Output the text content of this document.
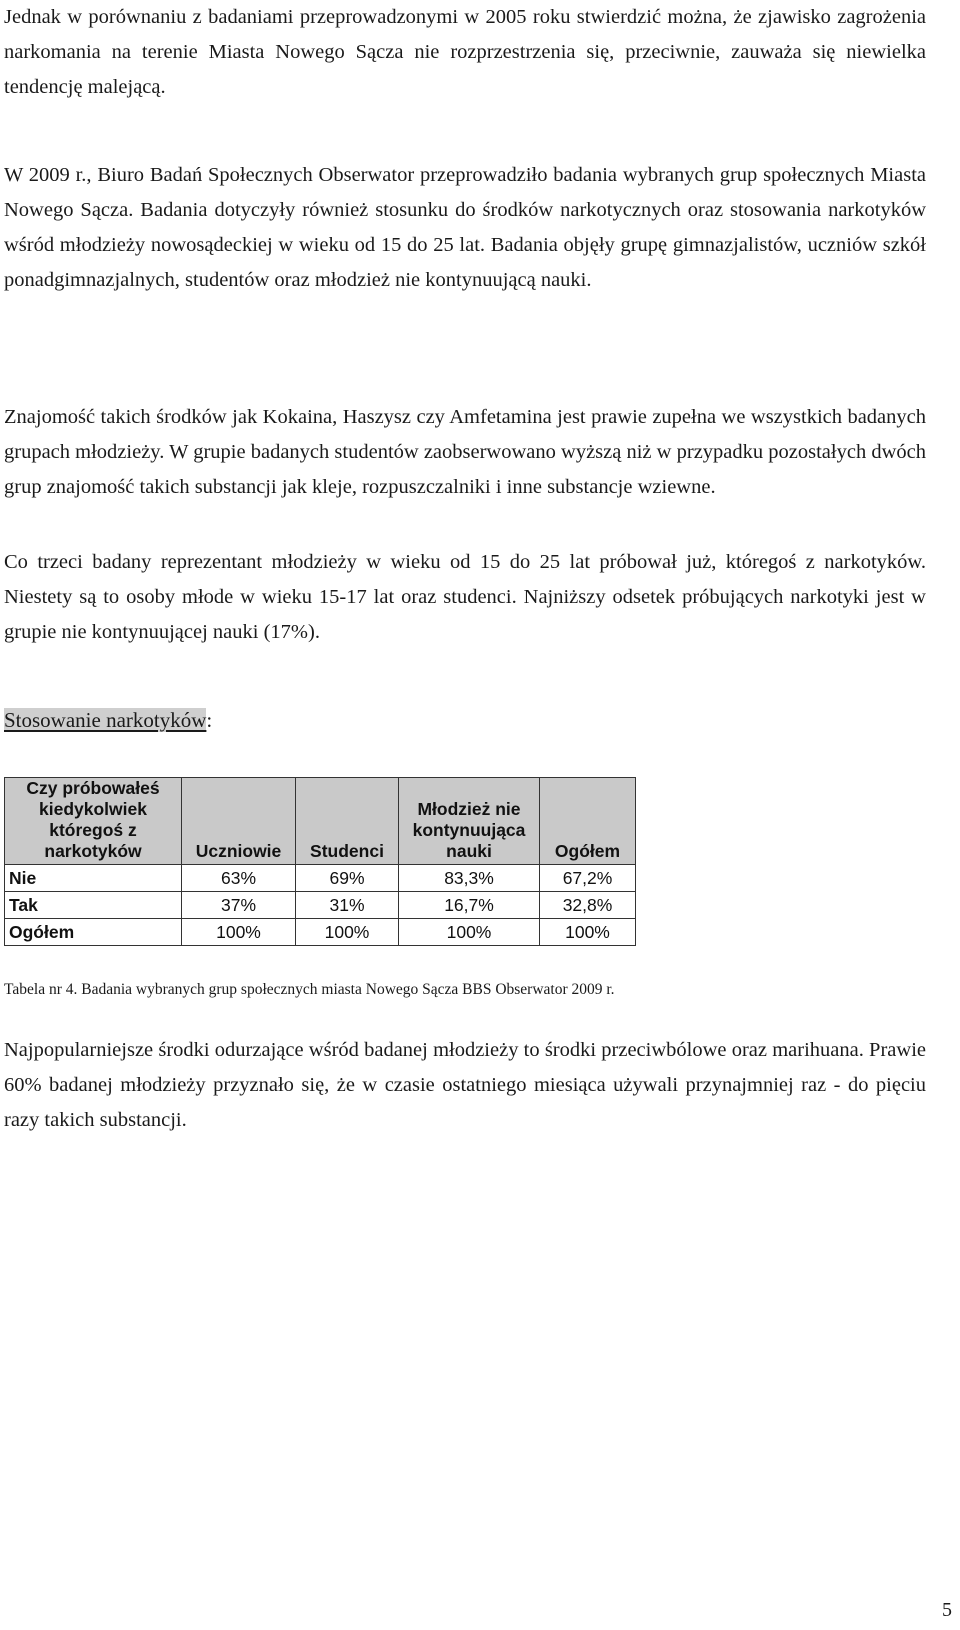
Jednak w porównaniu z badaniami przeprowadzonymi w 2005 roku stwierdzić można, że zjawisko zagrożenia narkomania na terenie Miasta Nowego Sącza nie rozprzestrzenia się, przeciwnie, zauważa się niewielka tendencję malejącą.

W 2009 r., Biuro Badań Społecznych Obserwator przeprowadziło badania wybranych grup społecznych Miasta Nowego Sącza. Badania dotyczyły również stosunku do środków narkotycznych oraz stosowania narkotyków wśród młodzieży nowosądeckiej w wieku od 15 do 25 lat. Badania objęły grupę gimnazjalistów, uczniów szkół ponadgimnazjalnych, studentów oraz młodzież nie kontynuującą nauki.

Znajomość takich środków jak Kokaina, Haszysz czy Amfetamina jest prawie zupełna we wszystkich badanych grupach młodzieży. W grupie badanych studentów zaobserwowano wyższą niż w przypadku pozostałych dwóch grup znajomość takich substancji jak kleje, rozpuszczalniki i inne substancje wziewne.

Co trzeci badany reprezentant młodzieży w wieku od 15 do 25 lat próbował już, któregoś z narkotyków. Niestety są to osoby młode w wieku 15-17 lat oraz studenci. Najniższy odsetek próbujących narkotyki jest w grupie nie kontynuującej nauki (17%).

Stosowanie narkotyków:

Czy próbowałeś kiedykolwiek któregoś z narkotyków	Uczniowie	Studenci	Młodzież nie kontynuująca nauki	Ogółem
Nie	63%	69%	83,3%	67,2%
Tak	37%	31%	16,7%	32,8%
Ogółem	100%	100%	100%	100%

Tabela nr 4. Badania wybranych grup społecznych miasta Nowego Sącza BBS Obserwator 2009 r.

Najpopularniejsze środki odurzające wśród badanej młodzieży to środki przeciwbólowe oraz marihuana. Prawie 60% badanej młodzieży przyznało się, że w czasie ostatniego miesiąca używali przynajmniej raz - do pięciu razy takich substancji.

5
